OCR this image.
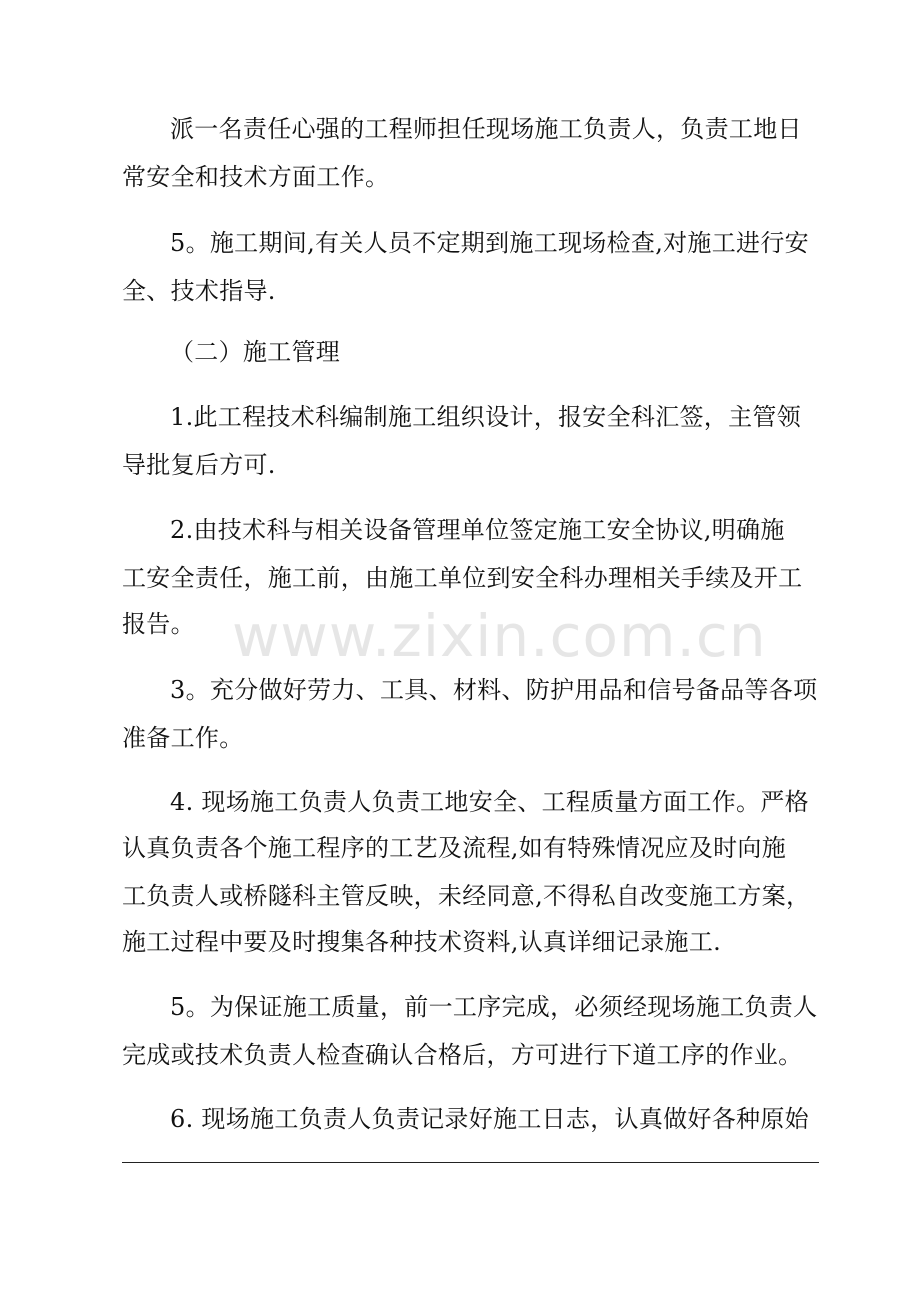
www.zixin.com.cn
派一名责任心强的工程师担任现场施工负责人，负责工地日
常安全和技术方面工作。
5。施工期间,有关人员不定期到施工现场检查,对施工进行安
全、技术指导.
（二）施工管理
1.此工程技术科编制施工组织设计，报安全科汇签，主管领
导批复后方可.
2.由技术科与相关设备管理单位签定施工安全协议,明确施
工安全责任，施工前，由施工单位到安全科办理相关手续及开工
报告。
3。充分做好劳力、工具、材料、防护用品和信号备品等各项
准备工作。
4. 现场施工负责人负责工地安全、工程质量方面工作。严格
认真负责各个施工程序的工艺及流程,如有特殊情况应及时向施
工负责人或桥隧科主管反映，未经同意,不得私自改变施工方案，
施工过程中要及时搜集各种技术资料,认真详细记录施工.
5。为保证施工质量，前一工序完成，必须经现场施工负责人
完成或技术负责人检查确认合格后，方可进行下道工序的作业。
6. 现场施工负责人负责记录好施工日志，认真做好各种原始
